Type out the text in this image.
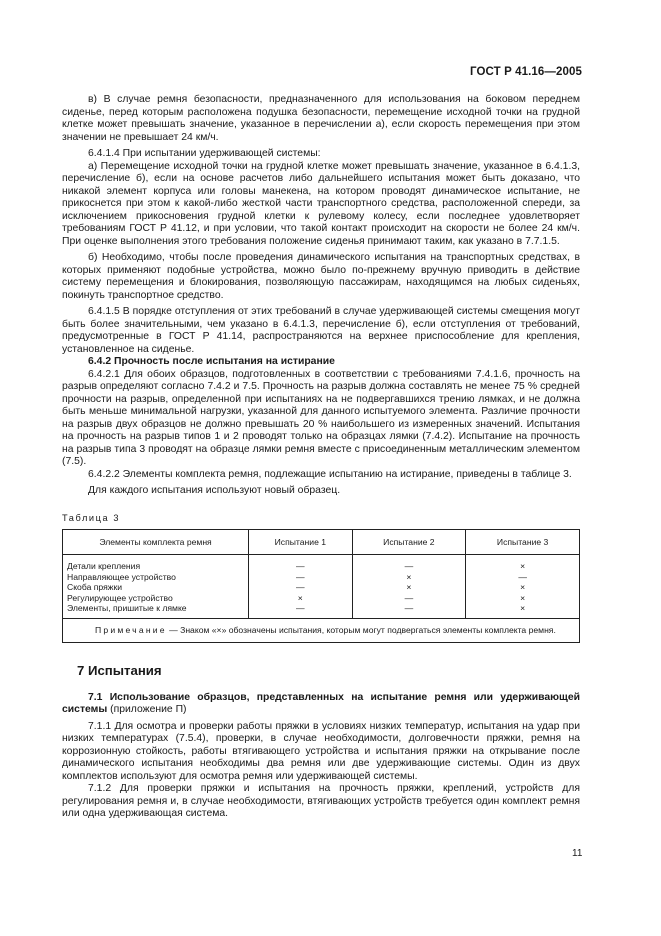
ГОСТ Р 41.16—2005

в) В случае ремня безопасности, предназначенного для использования на боковом переднем сиденье, перед которым расположена подушка безопасности, перемещение исходной точки на грудной клетке может превышать значение, указанное в перечислении а), если скорость перемещения при этом значении не превышает 24 км/ч.

6.4.1.4 При испытании удерживающей системы:

а) Перемещение исходной точки на грудной клетке может превышать значение, указанное в 6.4.1.3, перечисление б), если на основе расчетов либо дальнейшего испытания может быть доказано, что никакой элемент корпуса или головы манекена, на котором проводят динамическое испытание, не прикоснется при этом к какой-либо жесткой части транспортного средства, расположенной спереди, за исключением прикосновения грудной клетки к рулевому колесу, если последнее удовлетворяет требованиям ГОСТ Р 41.12, и при условии, что такой контакт происходит на скорости не более 24 км/ч. При оценке выполнения этого требования положение сиденья принимают таким, как указано в 7.7.1.5.

б) Необходимо, чтобы после проведения динамического испытания на транспортных средствах, в которых применяют подобные устройства, можно было по-прежнему вручную приводить в действие систему перемещения и блокирования, позволяющую пассажирам, находящимся на любых сиденьях, покинуть транспортное средство.

6.4.1.5 В порядке отступления от этих требований в случае удерживающей системы смещения могут быть более значительными, чем указано в 6.4.1.3, перечисление б), если отступления от требований, предусмотренные в ГОСТ Р 41.14, распространяются на верхнее приспособление для крепления, установленное на сиденье.

6.4.2 Прочность после испытания на истирание

6.4.2.1 Для обоих образцов, подготовленных в соответствии с требованиями 7.4.1.6, прочность на разрыв определяют согласно 7.4.2 и 7.5. Прочность на разрыв должна составлять не менее 75 % средней прочности на разрыв, определенной при испытаниях на не подвергавшихся трению лямках, и не должна быть меньше минимальной нагрузки, указанной для данного испытуемого элемента. Различие прочности на разрыв двух образцов не должно превышать 20 % наибольшего из измеренных значений. Испытания на прочность на разрыв типов 1 и 2 проводят только на образцах лямки (7.4.2). Испытание на прочность на разрыв типа 3 проводят на образце лямки ремня вместе с присоединенным металлическим элементом (7.5).

6.4.2.2 Элементы комплекта ремня, подлежащие испытанию на истирание, приведены в таблице 3.

Для каждого испытания используют новый образец.

Таблица 3
Элементы комплекта ремня	Испытание 1	Испытание 2	Испытание 3
Детали крепления	—	—	×
Направляющее устройство	—	×	—
Скоба пряжки	—	×	×
Регулирующее устройство	×	—	×
Элементы, пришитые к лямке	—	—	×
Примечание — Знаком «×» обозначены испытания, которым могут подвергаться элементы комплекта ремня.			
7 Испытания

7.1 Использование образцов, представленных на испытание ремня или удерживающей системы (приложение П)

7.1.1 Для осмотра и проверки работы пряжки в условиях низких температур, испытания на удар при низких температурах (7.5.4), проверки, в случае необходимости, долговечности пряжки, ремня на коррозионную стойкость, работы втягивающего устройства и испытания пряжки на открывание после динамического испытания необходимы два ремня или две удерживающие системы. Один из двух комплектов используют для осмотра ремня или удерживающей системы.

7.1.2 Для проверки пряжки и испытания на прочность пряжки, креплений, устройств для регулирования ремня и, в случае необходимости, втягивающих устройств требуется один комплект ремня или одна удерживающая система.

11
